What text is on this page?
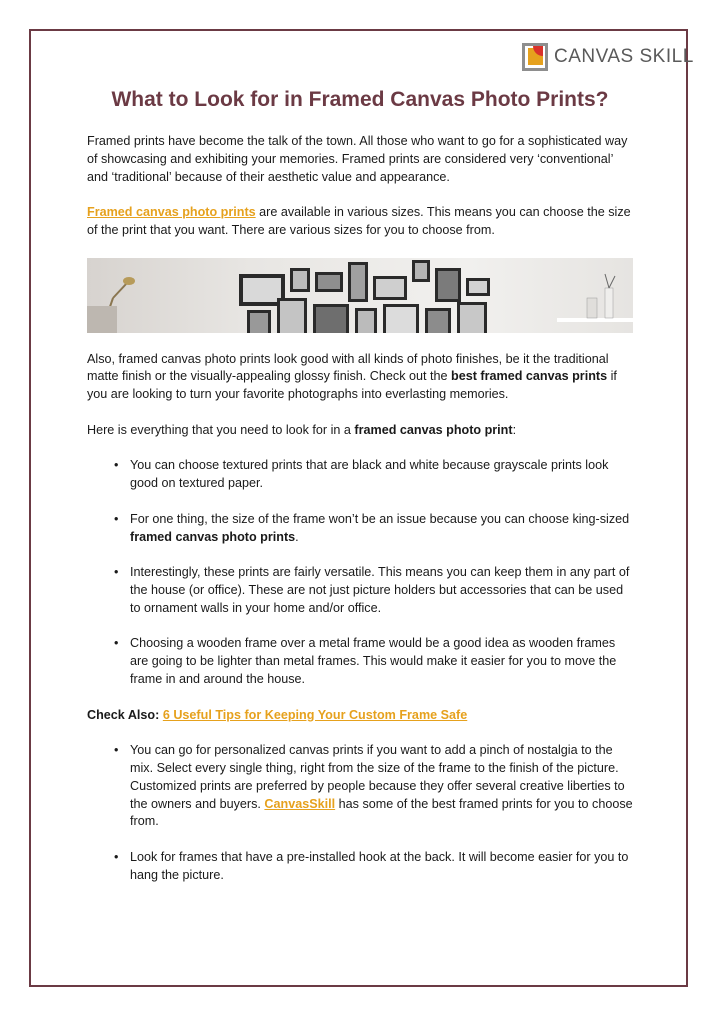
CANVAS SKILL
What to Look for in Framed Canvas Photo Prints?

Framed prints have become the talk of the town. All those who want to go for a sophisticated way of showcasing and exhibiting your memories. Framed prints are considered very ‘conventional’ and ‘traditional’ because of their aesthetic value and appearance.

Framed canvas photo prints are available in various sizes. This means you can choose the size of the print that you want. There are various sizes for you to choose from.

Also, framed canvas photo prints look good with all kinds of photo finishes, be it the traditional matte finish or the visually-appealing glossy finish. Check out the best framed canvas prints if you are looking to turn your favorite photographs into everlasting memories.

Here is everything that you need to look for in a framed canvas photo print:

• You can choose textured prints that are black and white because grayscale prints look good on textured paper.
• For one thing, the size of the frame won’t be an issue because you can choose king-sized framed canvas photo prints.
• Interestingly, these prints are fairly versatile. This means you can keep them in any part of the house (or office). These are not just picture holders but accessories that can be used to ornament walls in your home and/or office.
• Choosing a wooden frame over a metal frame would be a good idea as wooden frames are going to be lighter than metal frames. This would make it easier for you to move the frame in and around the house.

Check Also: 6 Useful Tips for Keeping Your Custom Frame Safe

• You can go for personalized canvas prints if you want to add a pinch of nostalgia to the mix. Select every single thing, right from the size of the frame to the finish of the picture. Customized prints are preferred by people because they offer several creative liberties to the owners and buyers. CanvasSkill has some of the best framed prints for you to choose from.
• Look for frames that have a pre-installed hook at the back. It will become easier for you to hang the picture.
